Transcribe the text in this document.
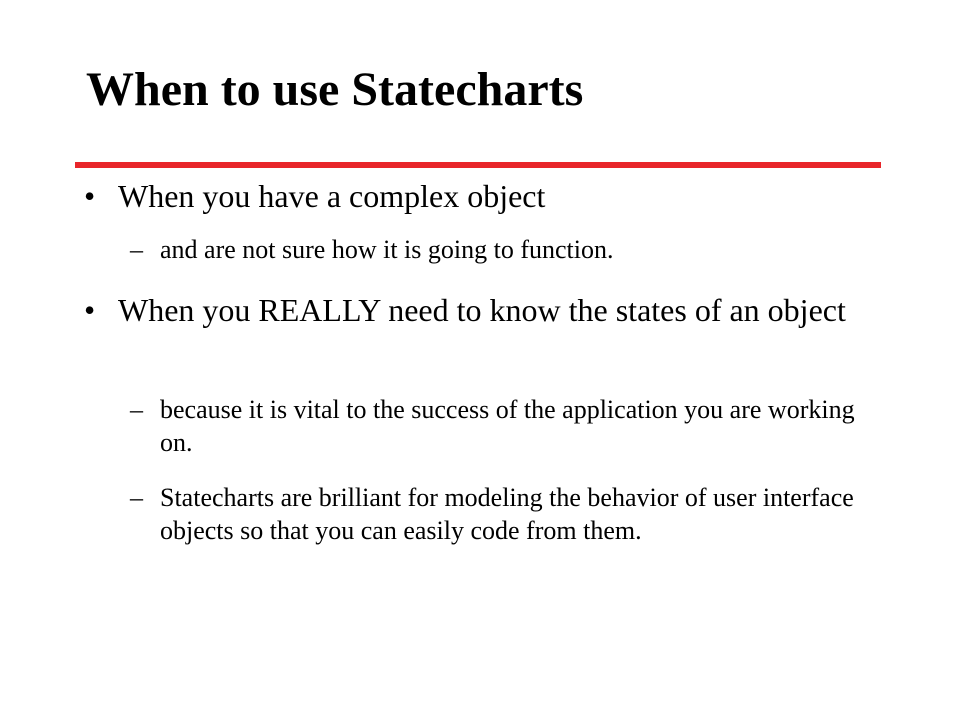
When to use Statecharts
• When you have a complex object
– and are not sure how it is going to function.
• When you REALLY need to know the states of an object
– because it is vital to the success of the application you are working on.
– Statecharts are brilliant for modeling the behavior of user interface objects so that you can easily code from them.
